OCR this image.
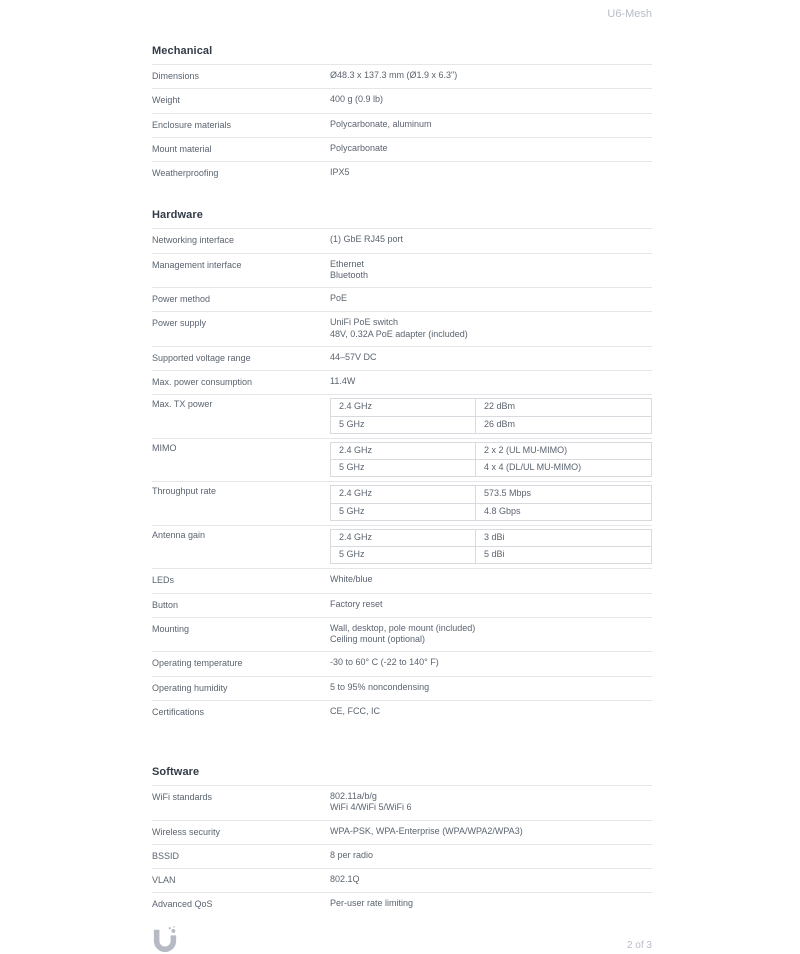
U6-Mesh
Mechanical
Dimensions	Ø48.3 x 137.3 mm (Ø1.9 x 6.3")
Weight	400 g (0.9 lb)
Enclosure materials	Polycarbonate, aluminum
Mount material	Polycarbonate
Weatherproofing	IPX5
Hardware
Networking interface	(1) GbE RJ45 port
Management interface	Ethernet
Bluetooth
Power method	PoE
Power supply	UniFi PoE switch
48V, 0.32A PoE adapter (included)
Supported voltage range	44–57V DC
Max. power consumption	11.4W
Max. TX power	2.4 GHz	22 dBm
5 GHz	26 dBm
MIMO	2.4 GHz	2 x 2 (UL MU-MIMO)
5 GHz	4 x 4 (DL/UL MU-MIMO)
Throughput rate	2.4 GHz	573.5 Mbps
5 GHz	4.8 Gbps
Antenna gain	2.4 GHz	3 dBi
5 GHz	5 dBi
LEDs	White/blue
Button	Factory reset
Mounting	Wall, desktop, pole mount (included)
Ceiling mount (optional)
Operating temperature	-30 to 60° C (-22 to 140° F)
Operating humidity	5 to 95% noncondensing
Certifications	CE, FCC, IC
Software
WiFi standards	802.11a/b/g
WiFi 4/WiFi 5/WiFi 6
Wireless security	WPA-PSK, WPA-Enterprise (WPA/WPA2/WPA3)
BSSID	8 per radio
VLAN	802.1Q
Advanced QoS	Per-user rate limiting
2 of 3
